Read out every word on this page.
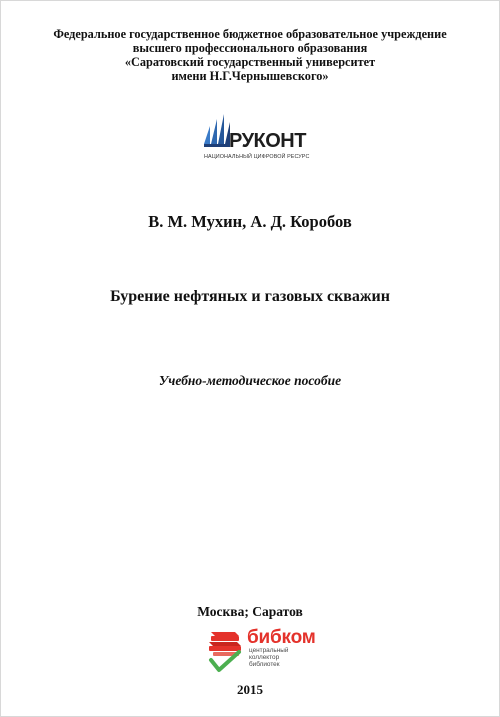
Федеральное государственное бюджетное образовательное учреждение
высшего профессионального образования
«Саратовский государственный университет
имени Н.Г.Чернышевского»
РУКОНТ
НАЦИОНАЛЬНЫЙ ЦИФРОВОЙ РЕСУРС
В. М. Мухин, А. Д. Коробов
Бурение нефтяных и газовых скважин
Учебно-методическое пособие
Москва; Саратов
бибком
центральный
коллектор
библиотек
2015
